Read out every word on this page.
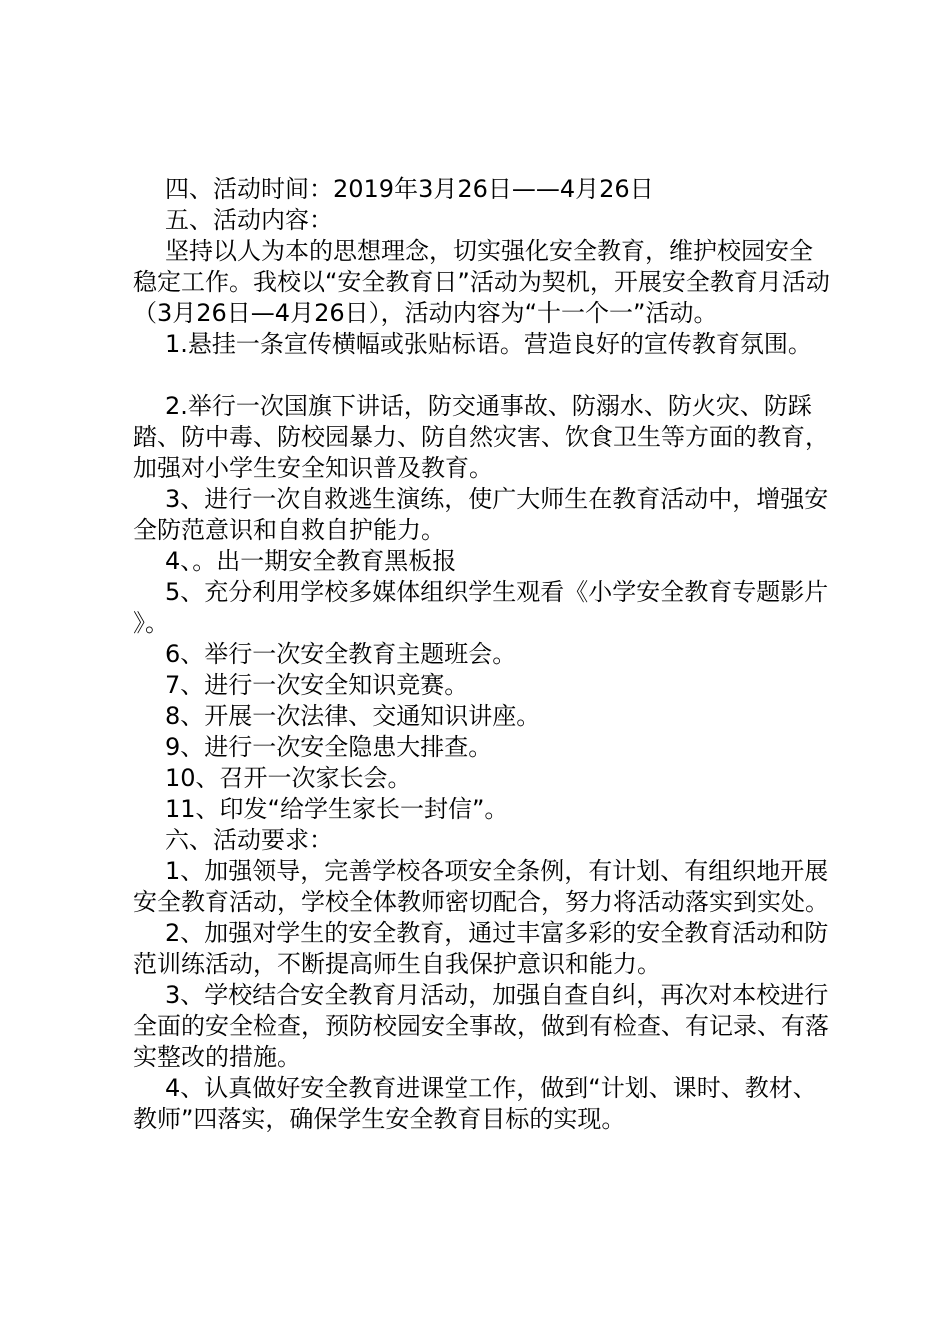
四、活动时间：2019年3月26日——4月26日

五、活动内容：

坚持以人为本的思想理念，切实强化安全教育，维护校园安全稳定工作。我校以“安全教育日”活动为契机，开展安全教育月活动（3月26日—4月26日），活动内容为“十一个一”活动。

1.悬挂一条宣传横幅或张贴标语。营造良好的宣传教育氛围。

2.举行一次国旗下讲话，防交通事故、防溺水、防火灾、防踩踏、防中毒、防校园暴力、防自然灾害、饮食卫生等方面的教育，加强对小学生安全知识普及教育。

3、进行一次自救逃生演练，使广大师生在教育活动中，增强安全防范意识和自救自护能力。

4、。出一期安全教育黑板报

5、充分利用学校多媒体组织学生观看《小学安全教育专题影片》。

6、举行一次安全教育主题班会。

7、进行一次安全知识竞赛。

8、开展一次法律、交通知识讲座。

9、进行一次安全隐患大排查。

10、召开一次家长会。

11、印发“给学生家长一封信”。

六、活动要求：

1、加强领导，完善学校各项安全条例，有计划、有组织地开展安全教育活动，学校全体教师密切配合，努力将活动落实到实处。

2、加强对学生的安全教育，通过丰富多彩的安全教育活动和防范训练活动，不断提高师生自我保护意识和能力。

3、学校结合安全教育月活动，加强自查自纠，再次对本校进行全面的安全检查，预防校园安全事故，做到有检查、有记录、有落实整改的措施。

4、认真做好安全教育进课堂工作，做到“计划、课时、教材、教师”四落实，确保学生安全教育目标的实现。
